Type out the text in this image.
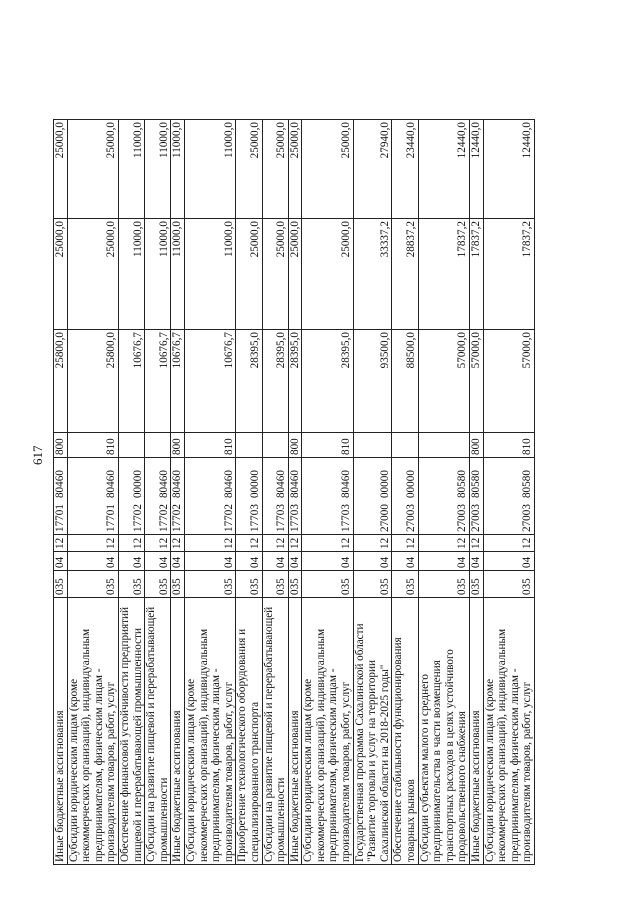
617
Иные бюджетные ассигнования	035	04	12	1770180460	800	25800,0	25000,0	25000,0
Субсидии юридическим лицам (кроме некоммерческих организаций), индивидуальным предпринимателям, физическим лицам - производителям товаров, работ, услуг	035	04	12	1770180460	810	25800,0	25000,0	25000,0
Обеспечение финансовой устойчивости предприятий пищевой и перерабатывающей промышленности	035	04	12	1770200000		10676,7	11000,0	11000,0
Субсидии на развитие пищевой и перерабатывающей промышленности	035	04	12	1770280460		10676,7	11000,0	11000,0
Иные бюджетные ассигнования	035	04	12	1770280460	800	10676,7	11000,0	11000,0
Субсидии юридическим лицам (кроме некоммерческих организаций), индивидуальным предпринимателям, физическим лицам - производителям товаров, работ, услуг	035	04	12	1770280460	810	10676,7	11000,0	11000,0
Приобретение технологического оборудования и специализированного транспорта	035	04	12	1770300000		28395,0	25000,0	25000,0
Субсидии на развитие пищевой и перерабатывающей промышленности	035	04	12	1770380460		28395,0	25000,0	25000,0
Иные бюджетные ассигнования	035	04	12	1770380460	800	28395,0	25000,0	25000,0
Субсидии юридическим лицам (кроме некоммерческих организаций), индивидуальным предпринимателям, физическим лицам - производителям товаров, работ, услуг	035	04	12	1770380460	810	28395,0	25000,0	25000,0
Государственная программа Сахалинской области "Развитие торговли и услуг на территории Сахалинской области на 2018-2025 годы"	035	04	12	2700000000		93500,0	33337,2	27940,0
Обеспечение стабильности функционирования товарных рынков	035	04	12	2700300000		88500,0	28837,2	23440,0
Субсидии субъектам малого и среднего предпринимательства в части возмещения транспортных расходов в целях устойчивого продовольственного снабжения	035	04	12	2700380580		57000,0	17837,2	12440,0
Иные бюджетные ассигнования	035	04	12	2700380580	800	57000,0	17837,2	12440,0
Субсидии юридическим лицам (кроме некоммерческих организаций), индивидуальным предпринимателям, физическим лицам - производителям товаров, работ, услуг	035	04	12	2700380580	810	57000,0	17837,2	12440,0
